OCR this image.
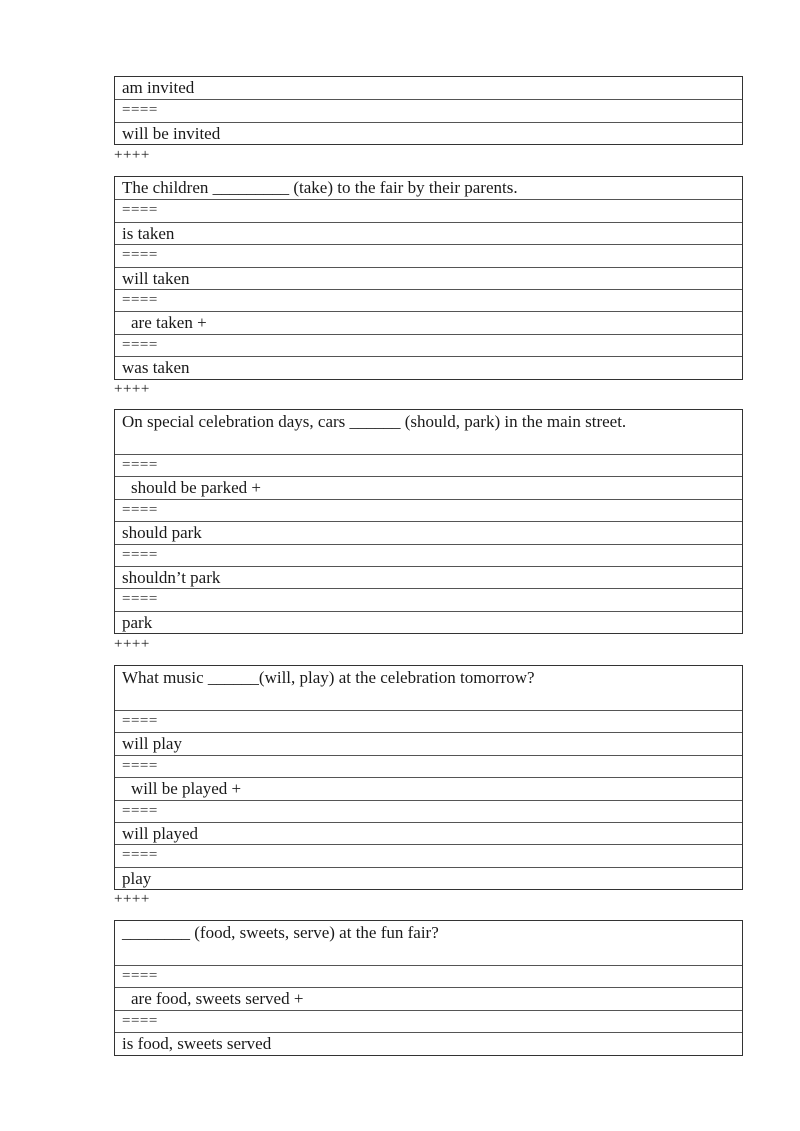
am invited
====
will be invited
++++
The children _________ (take) to the fair by their parents.
====
is taken
====
will taken
====
are taken +
====
was taken
++++
On special celebration days, cars ______ (should, park) in the main street.
====
should be parked +
====
should park
====
shouldn’t park
====
park
++++
What music ______(will, play) at the celebration tomorrow?
====
will play
====
will be played +
====
will played
====
play
++++
________ (food, sweets, serve) at the fun fair?
====
are food, sweets served +
====
is food, sweets served
